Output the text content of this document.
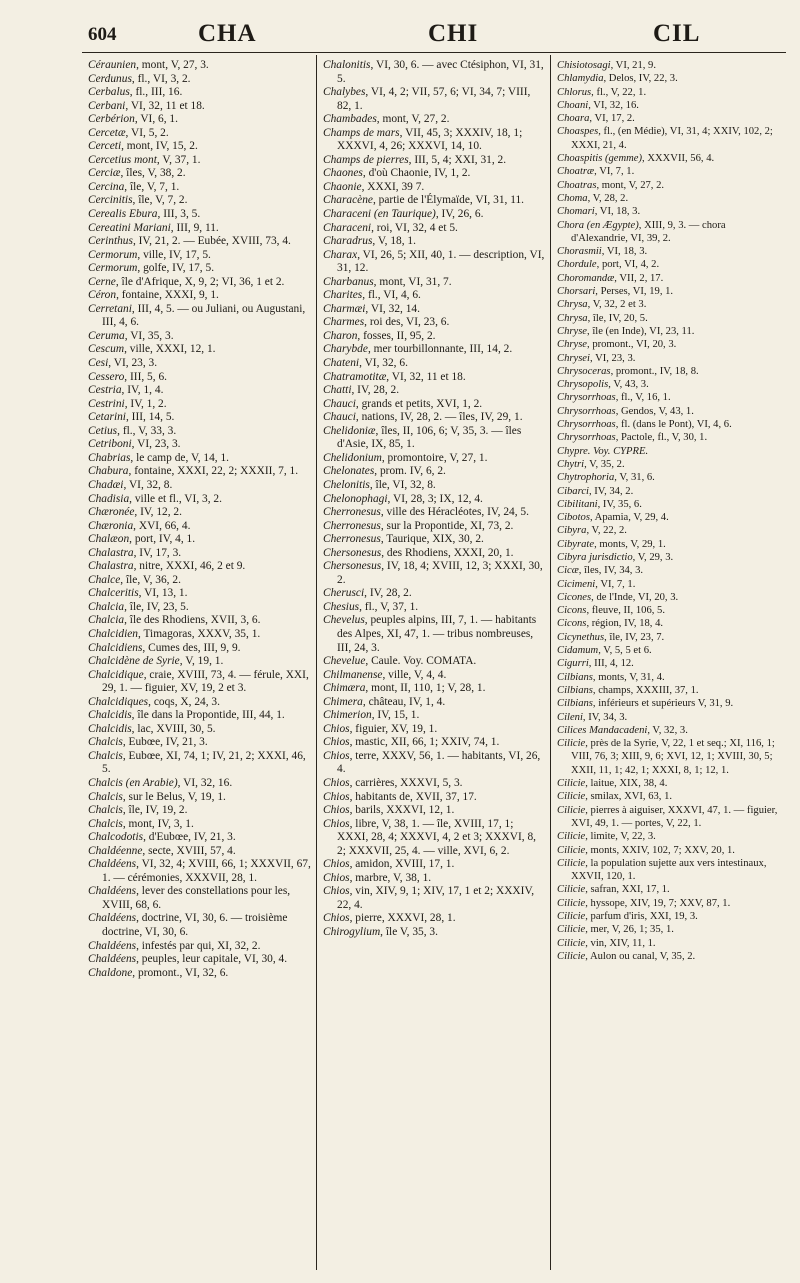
604	CHA	CHI	CIL

Céraunien, mont, V, 27, 3.

Cerdunus, fl., VI, 3, 2.

Cerbalus, fl., III, 16.

Cerbani, VI, 32, 11 et 18.

Cerbérion, VI, 6, 1.

Cercetæ, VI, 5, 2.

Cerceti, mont, IV, 15, 2.

Cercetius mont, V, 37, 1.

Cerciæ, îles, V, 38, 2.

Cercina, île, V, 7, 1.

Cercinitis, île, V, 7, 2.

Cerealis Ebura, III, 3, 5.

Cereatini Mariani, III, 9, 11.

Cerinthus, IV, 21, 2. — Eubée, XVIII, 73, 4.

Cermorum, ville, IV, 17, 5.

Cermorum, golfe, IV, 17, 5.

Cerne, île d'Afrique, X, 9, 2; VI, 36, 1 et 2.

Céron, fontaine, XXXI, 9, 1.

Cerretani, III, 4, 5. — ou Juliani, ou Augustani, III, 4, 6.

Ceruma, VI, 35, 3.

Cescum, ville, XXXI, 12, 1.

Cesi, VI, 23, 3.

Cessero, III, 5, 6.

Cestria, IV, 1, 4.

Cestrini, IV, 1, 2.

Cetarini, III, 14, 5.

Cetius, fl., V, 33, 3.

Cetriboni, VI, 23, 3.

Chabrias, le camp de, V, 14, 1.

Chabura, fontaine, XXXI, 22, 2; XXXII, 7, 1.

Chadæi, VI, 32, 8.

Chadisia, ville et fl., VI, 3, 2.

Chæronée, IV, 12, 2.

Chæronia, XVI, 66, 4.

Chalæon, port, IV, 4, 1.

Chalastra, IV, 17, 3.

Chalastra, nitre, XXXI, 46, 2 et 9.

Chalce, île, V, 36, 2.

Chalceritis, VI, 13, 1.

Chalcia, île, IV, 23, 5.

Chalcia, île des Rhodiens, XVII, 3, 6.

Chalcidien, Timagoras, XXXV, 35, 1.

Chalcidiens, Cumes des, III, 9, 9.

Chalcidène de Syrie, V, 19, 1.

Chalcidique, craie, XVIII, 73, 4. — férule, XXI, 29, 1. — figuier, XV, 19, 2 et 3.

Chalcidiques, coqs, X, 24, 3.

Chalcidis, île dans la Propontide, III, 44, 1.

Chalcidis, lac, XVIII, 30, 5.

Chalcis, Eubœe, IV, 21, 3.

Chalcis, Eubœe, XI, 74, 1; IV, 21, 2; XXXI, 46, 5.

Chalcis (en Arabie), VI, 32, 16.

Chalcis, sur le Belus, V, 19, 1.

Chalcis, île, IV, 19, 2.

Chalcis, mont, IV, 3, 1.

Chalcodotis, d'Eubœe, IV, 21, 3.

Chaldéenne, secte, XVIII, 57, 4.

Chaldéens, VI, 32, 4; XVIII, 66, 1; XXXVII, 67, 1. — cérémonies, XXXVII, 28, 1.

Chaldéens, lever des constellations pour les, XVIII, 68, 6.

Chaldéens, doctrine, VI, 30, 6. — troisième doctrine, VI, 30, 6.

Chaldéens, infestés par qui, XI, 32, 2.

Chaldéens, peuples, leur capitale, VI, 30, 4.

Chaldone, promont., VI, 32, 6.

Chalonitis, VI, 30, 6. — avec Ctésiphon, VI, 31, 5.

Chalybes, VI, 4, 2; VII, 57, 6; VI, 34, 7; VIII, 82, 1.

Chambades, mont, V, 27, 2.

Champs de mars, VII, 45, 3; XXXIV, 18, 1; XXXVI, 4, 26; XXXVI, 14, 10.

Champs de pierres, III, 5, 4; XXI, 31, 2.

Chaones, d'où Chaonie, IV, 1, 2.

Chaonie, XXXI, 39 7.

Characène, partie de l'Élymaïde, VI, 31, 11.

Characeni (en Taurique), IV, 26, 6.

Characeni, roi, VI, 32, 4 et 5.

Charadrus, V, 18, 1.

Charax, VI, 26, 5; XII, 40, 1. — description, VI, 31, 12.

Charbanus, mont, VI, 31, 7.

Charites, fl., VI, 4, 6.

Charmæi, VI, 32, 14.

Charmes, roi des, VI, 23, 6.

Charon, fosses, II, 95, 2.

Charybde, mer tourbillonnante, III, 14, 2.

Chateni, VI, 32, 6.

Chatramotitæ, VI, 32, 11 et 18.

Chatti, IV, 28, 2.

Chauci, grands et petits, XVI, 1, 2.

Chauci, nations, IV, 28, 2. — îles, IV, 29, 1.

Chelidoniæ, îles, II, 106, 6; V, 35, 3. — îles d'Asie, IX, 85, 1.

Chelidonium, promontoire, V, 27, 1.

Chelonates, prom. IV, 6, 2.

Chelonitis, île, VI, 32, 8.

Chelonophagi, VI, 28, 3; IX, 12, 4.

Cherronesus, ville des Héracléotes, IV, 24, 5.

Cherronesus, sur la Propontide, XI, 73, 2.

Cherronesus, Taurique, XIX, 30, 2.

Chersonesus, des Rhodiens, XXXI, 20, 1.

Chersonesus, IV, 18, 4; XVIII, 12, 3; XXXI, 30, 2.

Cherusci, IV, 28, 2.

Chesius, fl., V, 37, 1.

Chevelus, peuples alpins, III, 7, 1. — habitants des Alpes, XI, 47, 1. — tribus nombreuses, III, 24, 3.

Chevelue, Caule. Voy. COMATA.

Chilmanense, ville, V, 4, 4.

Chimæra, mont, II, 110, 1; V, 28, 1.

Chimera, château, IV, 1, 4.

Chimerion, IV, 15, 1.

Chios, figuier, XV, 19, 1.

Chios, mastic, XII, 66, 1; XXIV, 74, 1.

Chios, terre, XXXV, 56, 1. — habitants, VI, 26, 4.

Chios, carrières, XXXVI, 5, 3.

Chios, habitants de, XVII, 37, 17.

Chios, barils, XXXVI, 12, 1.

Chios, libre, V, 38, 1. — île, XVIII, 17, 1; XXXI, 28, 4; XXXVI, 4, 2 et 3; XXXVI, 8, 2; XXXVII, 25, 4. — ville, XVI, 6, 2.

Chios, amidon, XVIII, 17, 1.

Chios, marbre, V, 38, 1.

Chios, vin, XIV, 9, 1; XIV, 17, 1 et 2; XXXIV, 22, 4.

Chios, pierre, XXXVI, 28, 1.

Chirogylium, île V, 35, 3.

Chisiotosagi, VI, 21, 9.

Chlamydia, Delos, IV, 22, 3.

Chlorus, fl., V, 22, 1.

Choani, VI, 32, 16.

Choara, VI, 17, 2.

Choaspes, fl., (en Médie), VI, 31, 4; XXIV, 102, 2; XXXI, 21, 4.

Choaspitis (gemme), XXXVII, 56, 4.

Choatræ, VI, 7, 1.

Choatras, mont, V, 27, 2.

Choma, V, 28, 2.

Chomari, VI, 18, 3.

Chora (en Ægypte), XIII, 9, 3. — chora d'Alexandrie, VI, 39, 2.

Chorasmii, VI, 18, 3.

Chordule, port, VI, 4, 2.

Choromandæ, VII, 2, 17.

Chorsari, Perses, VI, 19, 1.

Chrysa, V, 32, 2 et 3.

Chrysa, île, IV, 20, 5.

Chryse, île (en Inde), VI, 23, 11.

Chryse, promont., VI, 20, 3.

Chrysei, VI, 23, 3.

Chrysoceras, promont., IV, 18, 8.

Chrysopolis, V, 43, 3.

Chrysorrhoas, fl., V, 16, 1.

Chrysorrhoas, Gendos, V, 43, 1.

Chrysorrhoas, fl. (dans le Pont), VI, 4, 6.

Chrysorrhoas, Pactole, fl., V, 30, 1.

Chypre. Voy. CYPRE.

Chytri, V, 35, 2.

Chytrophoria, V, 31, 6.

Cibarci, IV, 34, 2.

Cibilitani, IV, 35, 6.

Cibotos, Apamia, V, 29, 4.

Cibyra, V, 22, 2.

Cibyrate, monts, V, 29, 1.

Cibyra jurisdictio, V, 29, 3.

Cicæ, îles, IV, 34, 3.

Cicimeni, VI, 7, 1.

Cicones, de l'Inde, VI, 20, 3.

Cicons, fleuve, II, 106, 5.

Cicons, région, IV, 18, 4.

Cicynethus, île, IV, 23, 7.

Cidamum, V, 5, 5 et 6.

Cigurri, III, 4, 12.

Cilbians, monts, V, 31, 4.

Cilbians, champs, XXXIII, 37, 1.

Cilbians, inférieurs et supérieurs V, 31, 9.

Cileni, IV, 34, 3.

Cilices Mandacadeni, V, 32, 3.

Cilicie, près de la Syrie, V, 22, 1 et seq.; XI, 116, 1; VIII, 76, 3; XIII, 9, 6; XVI, 12, 1; XVIII, 30, 5; XXII, 11, 1; 42, 1; XXXI, 8, 1; 12, 1.

Cilicie, laitue, XIX, 38, 4.

Cilicie, smilax, XVI, 63, 1.

Cilicie, pierres à aiguiser, XXXVI, 47, 1. — figuier, XVI, 49, 1. — portes, V, 22, 1.

Cilicie, limite, V, 22, 3.

Cilicie, monts, XXIV, 102, 7; XXV, 20, 1.

Cilicie, la population sujette aux vers intestinaux, XXVII, 120, 1.

Cilicie, safran, XXI, 17, 1.

Cilicie, hyssope, XIV, 19, 7; XXV, 87, 1.

Cilicie, parfum d'iris, XXI, 19, 3.

Cilicie, mer, V, 26, 1; 35, 1.

Cilicie, vin, XIV, 11, 1.

Cilicie, Aulon ou canal, V, 35, 2.
